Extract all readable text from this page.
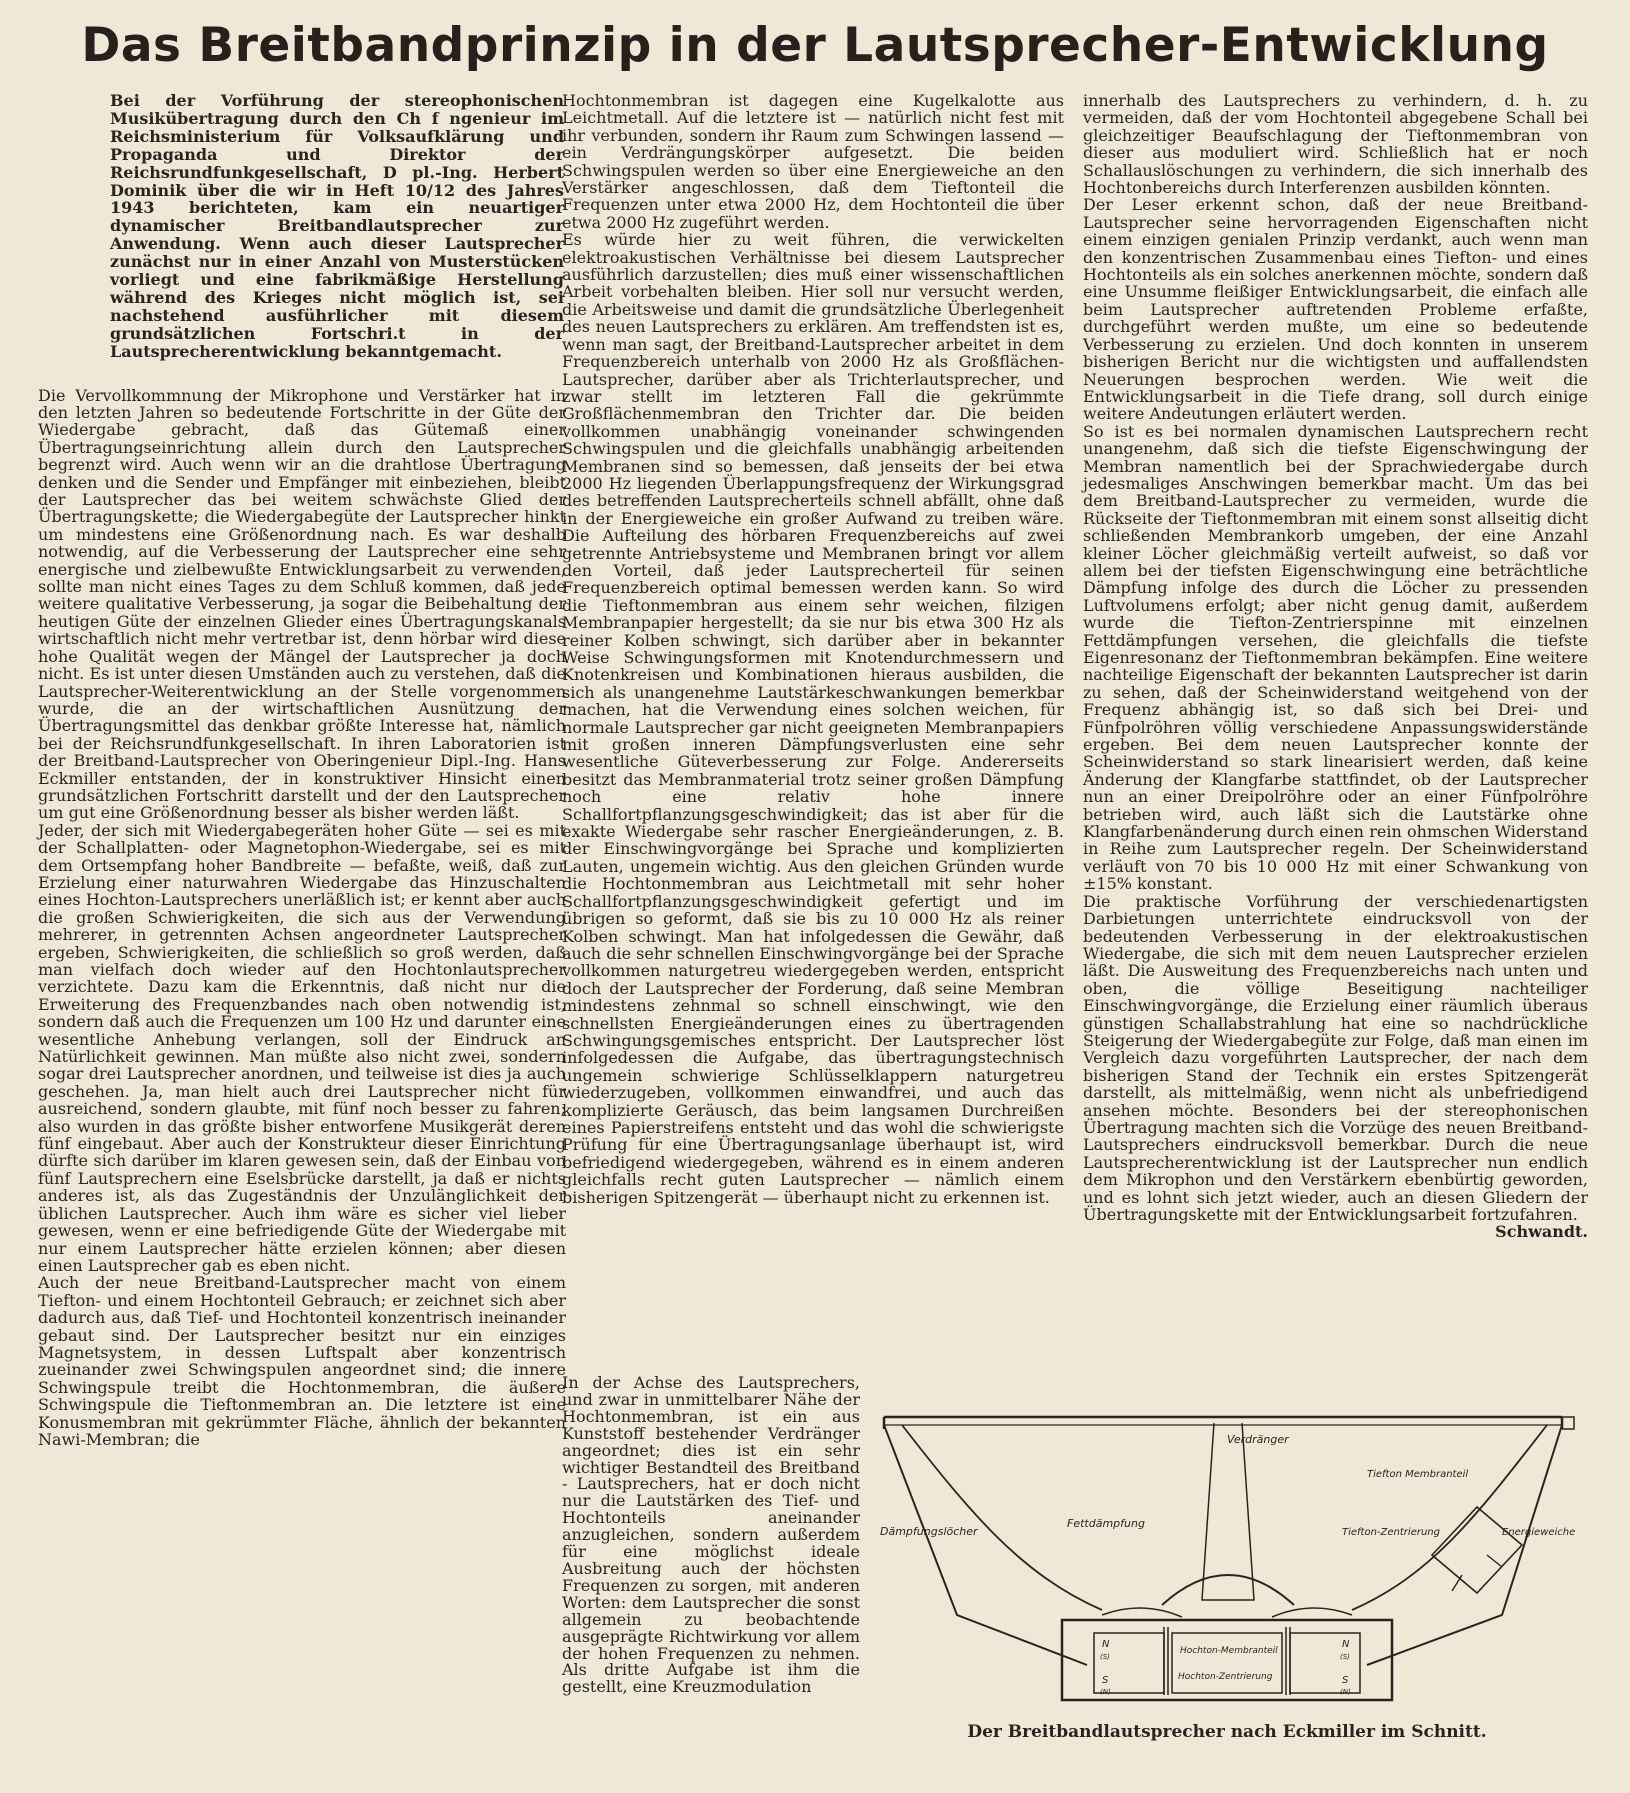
Das Breitbandprinzip in der Lautsprecher-Entwicklung

Bei der Vorführung der stereophonischen Musikübertragung durch den Ch f ngenieur im Reichsministerium für Volksaufklärung und Propaganda und Direktor der Reichsrundfunkgesellschaft, D pl.-Ing. Herbert Dominik über die wir in Heft 10/12 des Jahres 1943 berichteten, kam ein neuartiger dynamischer Breitbandlautsprecher zur Anwendung. Wenn auch dieser Lautsprecher zunächst nur in einer Anzahl von Musterstücken vorliegt und eine fabrikmäßige Herstellung während des Krieges nicht möglich ist, sei nachstehend ausführlicher mit diesem grundsätzlichen Fortschri.t in der Lautsprecherentwicklung bekanntgemacht.

Die Vervollkommnung der Mikrophone und Verstärker hat in den letzten Jahren so bedeutende Fortschritte in der Güte der Wiedergabe gebracht, daß das Gütemaß einer Übertragungseinrichtung allein durch den Lautsprecher begrenzt wird. Auch wenn wir an die drahtlose Übertragung denken und die Sender und Empfänger mit einbeziehen, bleibt der Lautsprecher das bei weitem schwächste Glied der Übertragungskette; die Wiedergabegüte der Lautsprecher hinkt um mindestens eine Größenordnung nach. Es war deshalb notwendig, auf die Verbesserung der Lautsprecher eine sehr energische und zielbewußte Entwicklungsarbeit zu verwenden, sollte man nicht eines Tages zu dem Schluß kommen, daß jede weitere qualitative Verbesserung, ja sogar die Beibehaltung der heutigen Güte der einzelnen Glieder eines Übertragungskanals wirtschaftlich nicht mehr vertretbar ist, denn hörbar wird diese hohe Qualität wegen der Mängel der Lautsprecher ja doch nicht. Es ist unter diesen Umständen auch zu verstehen, daß die Lautsprecher-Weiterentwicklung an der Stelle vorgenommen wurde, die an der wirtschaftlichen Ausnützung der Übertragungsmittel das denkbar größte Interesse hat, nämlich bei der Reichsrundfunkgesellschaft. In ihren Laboratorien ist der Breitband-Lautsprecher von Oberingenieur Dipl.-Ing. Hans Eckmiller entstanden, der in konstruktiver Hinsicht einen grundsätzlichen Fortschritt darstellt und der den Lautsprecher um gut eine Größenordnung besser als bisher werden läßt.

Jeder, der sich mit Wiedergabegeräten hoher Güte — sei es mit der Schallplatten- oder Magnetophon-Wiedergabe, sei es mit dem Ortsempfang hoher Bandbreite — befaßte, weiß, daß zur Erzielung einer naturwahren Wiedergabe das Hinzuschalten eines Hochton-Lautsprechers unerläßlich ist; er kennt aber auch die großen Schwierigkeiten, die sich aus der Verwendung mehrerer, in getrennten Achsen angeordneter Lautsprecher ergeben, Schwierigkeiten, die schließlich so groß werden, daß man vielfach doch wieder auf den Hochtonlautsprecher verzichtete. Dazu kam die Erkenntnis, daß nicht nur die Erweiterung des Frequenzbandes nach oben notwendig ist, sondern daß auch die Frequenzen um 100 Hz und darunter eine wesentliche Anhebung verlangen, soll der Eindruck an Natürlichkeit gewinnen. Man müßte also nicht zwei, sondern sogar drei Lautsprecher anordnen, und teilweise ist dies ja auch geschehen. Ja, man hielt auch drei Lautsprecher nicht für ausreichend, sondern glaubte, mit fünf noch besser zu fahren; also wurden in das größte bisher entworfene Musikgerät deren fünf eingebaut. Aber auch der Konstrukteur dieser Einrichtung dürfte sich darüber im klaren gewesen sein, daß der Einbau von fünf Lautsprechern eine Eselsbrücke darstellt, ja daß er nichts anderes ist, als das Zugeständnis der Unzulänglichkeit der üblichen Lautsprecher. Auch ihm wäre es sicher viel lieber gewesen, wenn er eine befriedigende Güte der Wiedergabe mit nur einem Lautsprecher hätte erzielen können; aber diesen einen Lautsprecher gab es eben nicht.

Auch der neue Breitband-Lautsprecher macht von einem Tiefton- und einem Hochtonteil Gebrauch; er zeichnet sich aber dadurch aus, daß Tief- und Hochtonteil konzentrisch ineinander gebaut sind. Der Lautsprecher besitzt nur ein einziges Magnetsystem, in dessen Luftspalt aber konzentrisch zueinander zwei Schwingspulen angeordnet sind; die innere Schwingspule treibt die Hochtonmembran, die äußere Schwingspule die Tieftonmembran an. Die letztere ist eine Konusmembran mit gekrümmter Fläche, ähnlich der bekannten Nawi-Membran; die

Hochtonmembran ist dagegen eine Kugelkalotte aus Leichtmetall. Auf die letztere ist — natürlich nicht fest mit ihr verbunden, sondern ihr Raum zum Schwingen lassend — ein Verdrängungskörper aufgesetzt. Die beiden Schwingspulen werden so über eine Energieweiche an den Verstärker angeschlossen, daß dem Tieftonteil die Frequenzen unter etwa 2000 Hz, dem Hochtonteil die über etwa 2000 Hz zugeführt werden.

Es würde hier zu weit führen, die verwickelten elektroakustischen Verhältnisse bei diesem Lautsprecher ausführlich darzustellen; dies muß einer wissenschaftlichen Arbeit vorbehalten bleiben. Hier soll nur versucht werden, die Arbeitsweise und damit die grundsätzliche Überlegenheit des neuen Lautsprechers zu erklären. Am treffendsten ist es, wenn man sagt, der Breitband-Lautsprecher arbeitet in dem Frequenzbereich unterhalb von 2000 Hz als Großflächen-Lautsprecher, darüber aber als Trichterlautsprecher, und zwar stellt im letzteren Fall die gekrümmte Großflächenmembran den Trichter dar. Die beiden vollkommen unabhängig voneinander schwingenden Schwingspulen und die gleichfalls unabhängig arbeitenden Membranen sind so bemessen, daß jenseits der bei etwa 2000 Hz liegenden Überlappungsfrequenz der Wirkungsgrad des betreffenden Lautsprecherteils schnell abfällt, ohne daß in der Energieweiche ein großer Aufwand zu treiben wäre. Die Aufteilung des hörbaren Frequenzbereichs auf zwei getrennte Antriebsysteme und Membranen bringt vor allem den Vorteil, daß jeder Lautsprecherteil für seinen Frequenzbereich optimal bemessen werden kann. So wird die Tieftonmembran aus einem sehr weichen, filzigen Membranpapier hergestellt; da sie nur bis etwa 300 Hz als reiner Kolben schwingt, sich darüber aber in bekannter Weise Schwingungsformen mit Knotendurchmessern und Knotenkreisen und Kombinationen hieraus ausbilden, die sich als unangenehme Lautstärkeschwankungen bemerkbar machen, hat die Verwendung eines solchen weichen, für normale Lautsprecher gar nicht geeigneten Membranpapiers mit großen inneren Dämpfungsverlusten eine sehr wesentliche Güteverbesserung zur Folge. Andererseits besitzt das Membranmaterial trotz seiner großen Dämpfung noch eine relativ hohe innere Schallfortpflanzungsgeschwindigkeit; das ist aber für die exakte Wiedergabe sehr rascher Energieänderungen, z. B. der Einschwingvorgänge bei Sprache und komplizierten Lauten, ungemein wichtig. Aus den gleichen Gründen wurde die Hochtonmembran aus Leichtmetall mit sehr hoher Schallfortpflanzungsgeschwindigkeit gefertigt und im übrigen so geformt, daß sie bis zu 10 000 Hz als reiner Kolben schwingt. Man hat infolgedessen die Gewähr, daß auch die sehr schnellen Einschwingvorgänge bei der Sprache vollkommen naturgetreu wiedergegeben werden, entspricht doch der Lautsprecher der Forderung, daß seine Membran mindestens zehnmal so schnell einschwingt, wie den schnellsten Energieänderungen eines zu übertragenden Schwingungsgemisches entspricht. Der Lautsprecher löst infolgedessen die Aufgabe, das übertragungstechnisch ungemein schwierige Schlüsselklappern naturgetreu wiederzugeben, vollkommen einwandfrei, und auch das komplizierte Geräusch, das beim langsamen Durchreißen eines Papierstreifens entsteht und das wohl die schwierigste Prüfung für eine Übertragungsanlage überhaupt ist, wird befriedigend wiedergegeben, während es in einem anderen gleichfalls recht guten Lautsprecher — nämlich einem bisherigen Spitzengerät — überhaupt nicht zu erkennen ist.

In der Achse des Lautsprechers, und zwar in unmittelbarer Nähe der Hochtonmembran, ist ein aus Kunststoff bestehender Verdränger angeordnet; dies ist ein sehr wichtiger Bestandteil des Breitband - Lautsprechers, hat er doch nicht nur die Lautstärken des Tief- und Hochtonteils aneinander anzugleichen, sondern außerdem für eine möglichst ideale Ausbreitung auch der höchsten Frequenzen zu sorgen, mit anderen Worten: dem Lautsprecher die sonst allgemein zu beobachtende ausgeprägte Richtwirkung vor allem der hohen Frequenzen zu nehmen. Als dritte Aufgabe ist ihm die gestellt, eine Kreuzmodulation

innerhalb des Lautsprechers zu verhindern, d. h. zu vermeiden, daß der vom Hochtonteil abgegebene Schall bei gleichzeitiger Beaufschlagung der Tieftonmembran von dieser aus moduliert wird. Schließlich hat er noch Schallauslöschungen zu verhindern, die sich innerhalb des Hochtonbereichs durch Interferenzen ausbilden könnten.

Der Leser erkennt schon, daß der neue Breitband-Lautsprecher seine hervorragenden Eigenschaften nicht einem einzigen genialen Prinzip verdankt, auch wenn man den konzentrischen Zusammenbau eines Tiefton- und eines Hochtonteils als ein solches anerkennen möchte, sondern daß eine Unsumme fleißiger Entwicklungsarbeit, die einfach alle beim Lautsprecher auftretenden Probleme erfaßte, durchgeführt werden mußte, um eine so bedeutende Verbesserung zu erzielen. Und doch konnten in unserem bisherigen Bericht nur die wichtigsten und auffallendsten Neuerungen besprochen werden. Wie weit die Entwicklungsarbeit in die Tiefe drang, soll durch einige weitere Andeutungen erläutert werden.

So ist es bei normalen dynamischen Lautsprechern recht unangenehm, daß sich die tiefste Eigenschwingung der Membran namentlich bei der Sprachwiedergabe durch jedesmaliges Anschwingen bemerkbar macht. Um das bei dem Breitband-Lautsprecher zu vermeiden, wurde die Rückseite der Tieftonmembran mit einem sonst allseitig dicht schließenden Membrankorb umgeben, der eine Anzahl kleiner Löcher gleichmäßig verteilt aufweist, so daß vor allem bei der tiefsten Eigenschwingung eine beträchtliche Dämpfung infolge des durch die Löcher zu pressenden Luftvolumens erfolgt; aber nicht genug damit, außerdem wurde die Tiefton-Zentrierspinne mit einzelnen Fettdämpfungen versehen, die gleichfalls die tiefste Eigenresonanz der Tieftonmembran bekämpfen. Eine weitere nachteilige Eigenschaft der bekannten Lautsprecher ist darin zu sehen, daß der Scheinwiderstand weitgehend von der Frequenz abhängig ist, so daß sich bei Drei- und Fünfpolröhren völlig verschiedene Anpassungswiderstände ergeben. Bei dem neuen Lautsprecher konnte der Scheinwiderstand so stark linearisiert werden, daß keine Änderung der Klangfarbe stattfindet, ob der Lautsprecher nun an einer Dreipolröhre oder an einer Fünfpolröhre betrieben wird, auch läßt sich die Lautstärke ohne Klangfarbenänderung durch einen rein ohmschen Widerstand in Reihe zum Lautsprecher regeln. Der Scheinwiderstand verläuft von 70 bis 10 000 Hz mit einer Schwankung von ±15% konstant.

Die praktische Vorführung der verschiedenartigsten Darbietungen unterrichtete eindrucksvoll von der bedeutenden Verbesserung in der elektroakustischen Wiedergabe, die sich mit dem neuen Lautsprecher erzielen läßt. Die Ausweitung des Frequenzbereichs nach unten und oben, die völlige Beseitigung nachteiliger Einschwingvorgänge, die Erzielung einer räumlich überaus günstigen Schallabstrahlung hat eine so nachdrückliche Steigerung der Wiedergabegüte zur Folge, daß man einen im Vergleich dazu vorgeführten Lautsprecher, der nach dem bisherigen Stand der Technik ein erstes Spitzengerät darstellt, als mittelmäßig, wenn nicht als unbefriedigend ansehen möchte. Besonders bei der stereophonischen Übertragung machten sich die Vorzüge des neuen Breitband-Lautsprechers eindrucksvoll bemerkbar. Durch die neue Lautsprecherentwicklung ist der Lautsprecher nun endlich dem Mikrophon und den Verstärkern ebenbürtig geworden, und es lohnt sich jetzt wieder, auch an diesen Gliedern der Übertragungskette mit der Entwicklungsarbeit fortzufahren.

Schwandt.

Verdränger
Tiefton Membranteil
Dämpfungslöcher
Fettdämpfung
Tiefton-Zentrierung	Energieweiche
Hochton-Membranteil
Hochton-Zentrierung
N
(S)
N
(S)
S
(N)
S
(N)
Der Breitbandlautsprecher nach Eckmiller im Schnitt.
